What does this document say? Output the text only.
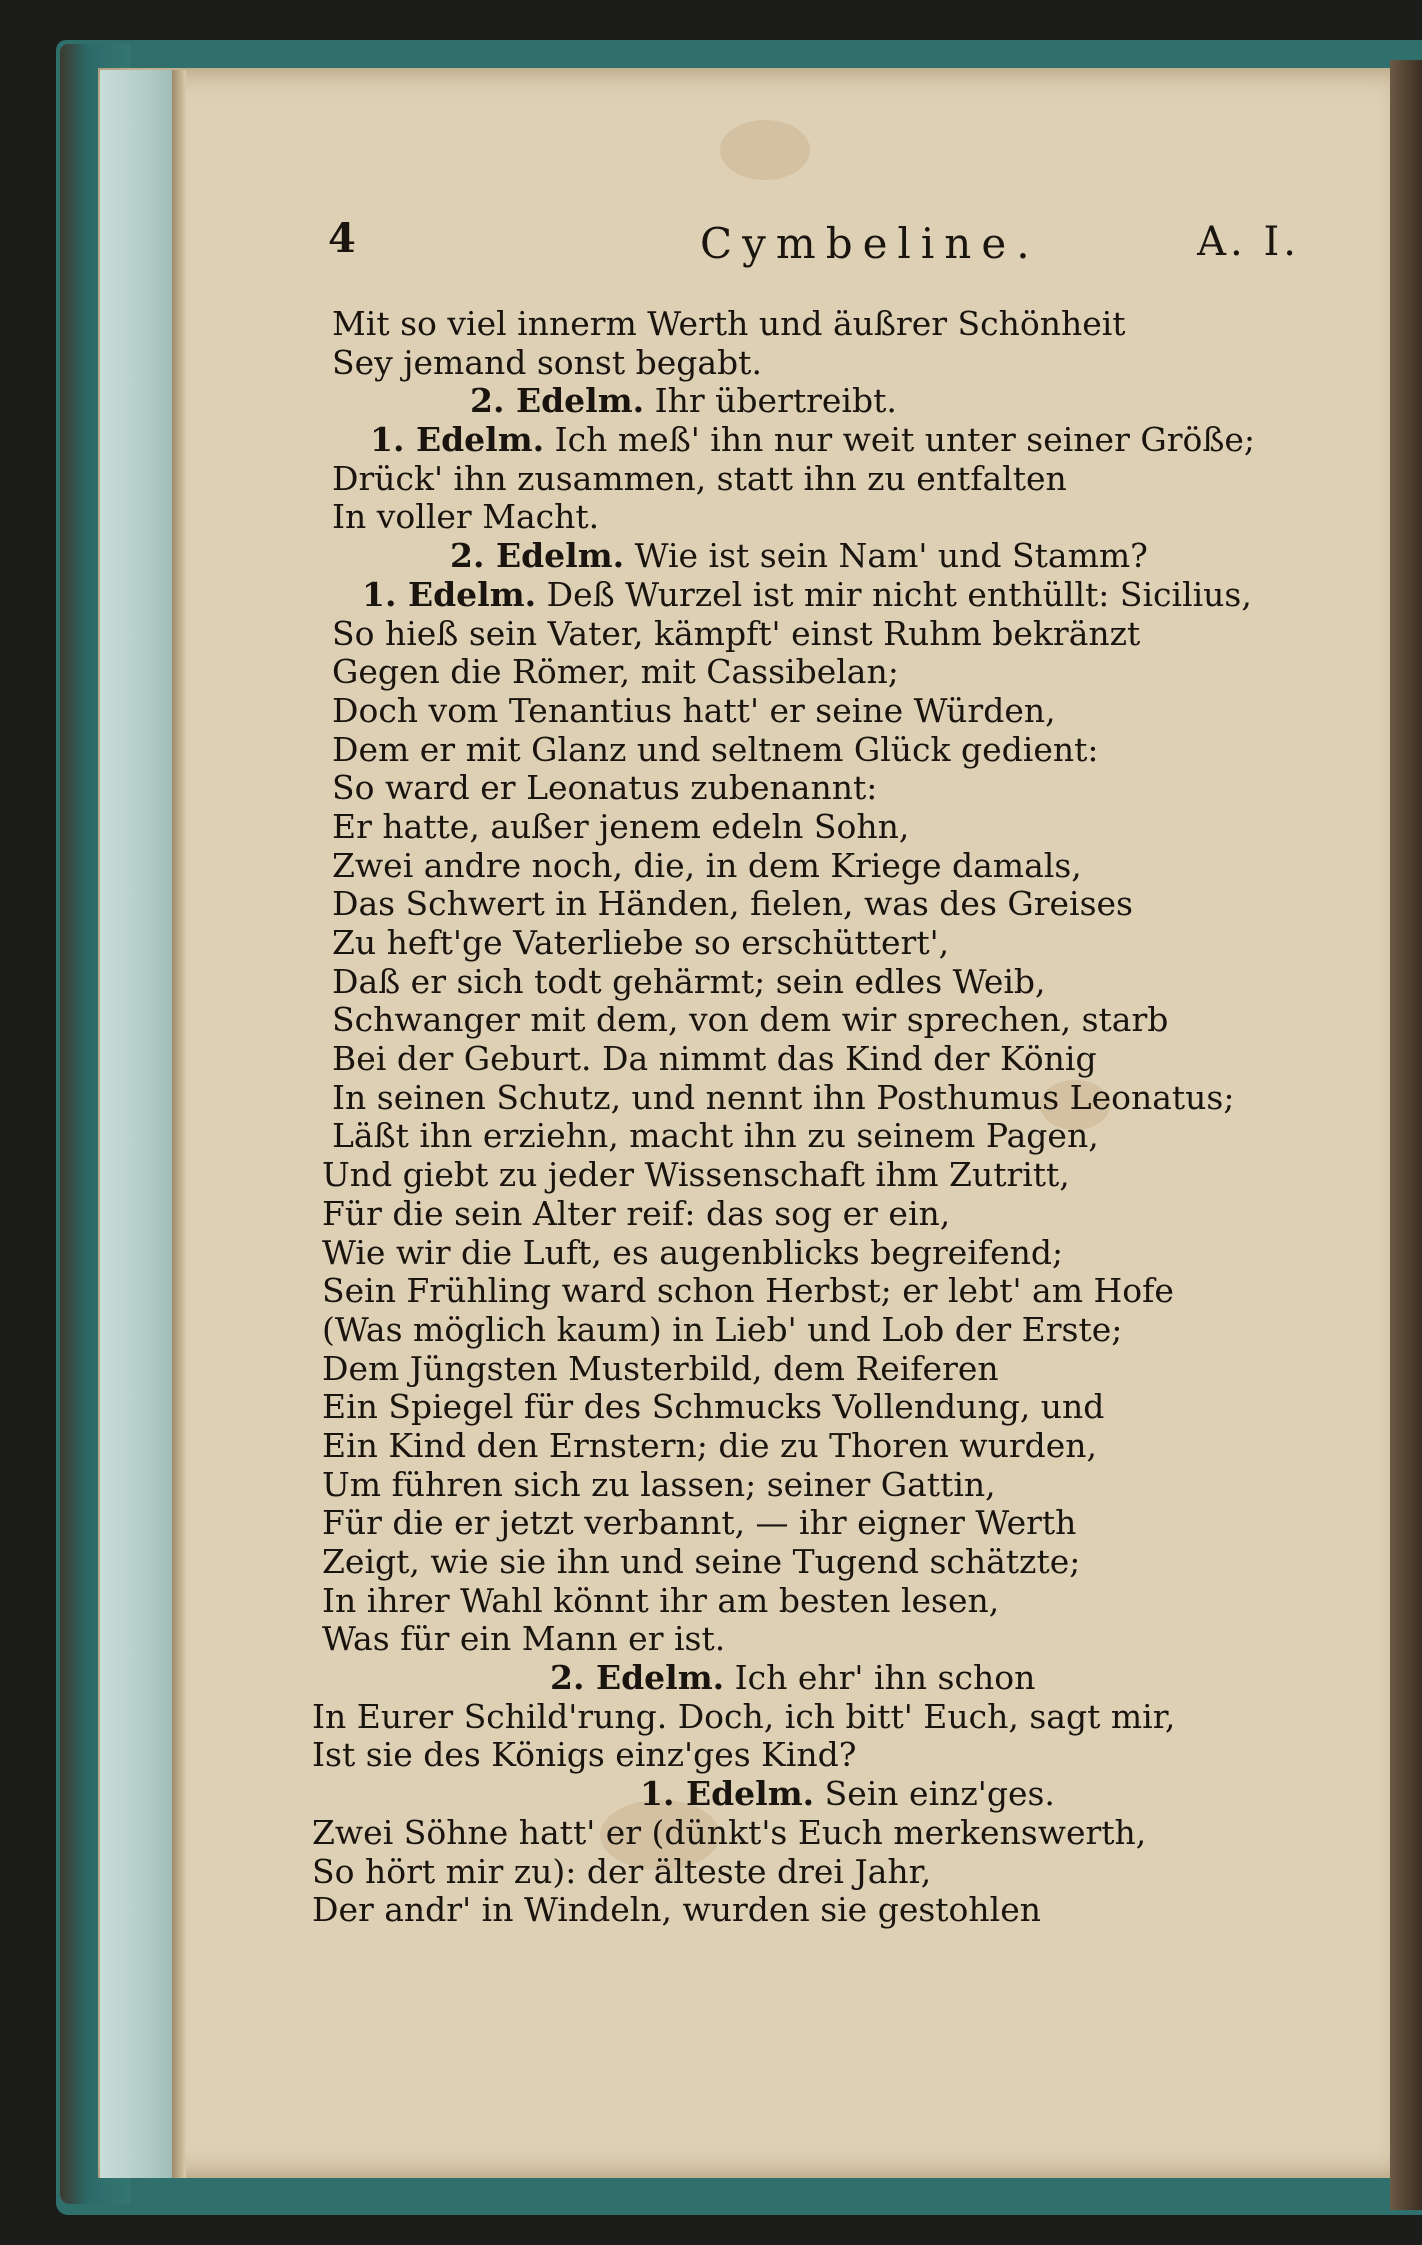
4	Cymbeline.	A. I.
Mit so viel innerm Werth und äußrer Schönheit
Sey jemand sonst begabt.
2. Edelm. Ihr übertreibt.
1. Edelm. Ich meß' ihn nur weit unter seiner Größe;
Drück' ihn zusammen, statt ihn zu entfalten
In voller Macht.
2. Edelm. Wie ist sein Nam' und Stamm?
1. Edelm. Deß Wurzel ist mir nicht enthüllt: Sicilius,
So hieß sein Vater, kämpft' einst Ruhm bekränzt
Gegen die Römer, mit Cassibelan;
Doch vom Tenantius hatt' er seine Würden,
Dem er mit Glanz und seltnem Glück gedient:
So ward er Leonatus zubenannt:
Er hatte, außer jenem edeln Sohn,
Zwei andre noch, die, in dem Kriege damals,
Das Schwert in Händen, fielen, was des Greises
Zu heft'ge Vaterliebe so erschüttert',
Daß er sich todt gehärmt; sein edles Weib,
Schwanger mit dem, von dem wir sprechen, starb
Bei der Geburt. Da nimmt das Kind der König
In seinen Schutz, und nennt ihn Posthumus Leonatus;
Läßt ihn erziehn, macht ihn zu seinem Pagen,
Und giebt zu jeder Wissenschaft ihm Zutritt,
Für die sein Alter reif: das sog er ein,
Wie wir die Luft, es augenblicks begreifend;
Sein Frühling ward schon Herbst; er lebt' am Hofe
(Was möglich kaum) in Lieb' und Lob der Erste;
Dem Jüngsten Musterbild, dem Reiferen
Ein Spiegel für des Schmucks Vollendung, und
Ein Kind den Ernstern; die zu Thoren wurden,
Um führen sich zu lassen; seiner Gattin,
Für die er jetzt verbannt, — ihr eigner Werth
Zeigt, wie sie ihn und seine Tugend schätzte;
In ihrer Wahl könnt ihr am besten lesen,
Was für ein Mann er ist.
2. Edelm. Ich ehr' ihn schon
In Eurer Schild'rung. Doch, ich bitt' Euch, sagt mir,
Ist sie des Königs einz'ges Kind?
1. Edelm. Sein einz'ges.
Zwei Söhne hatt' er (dünkt's Euch merkenswerth,
So hört mir zu): der älteste drei Jahr,
Der andr' in Windeln, wurden sie gestohlen
